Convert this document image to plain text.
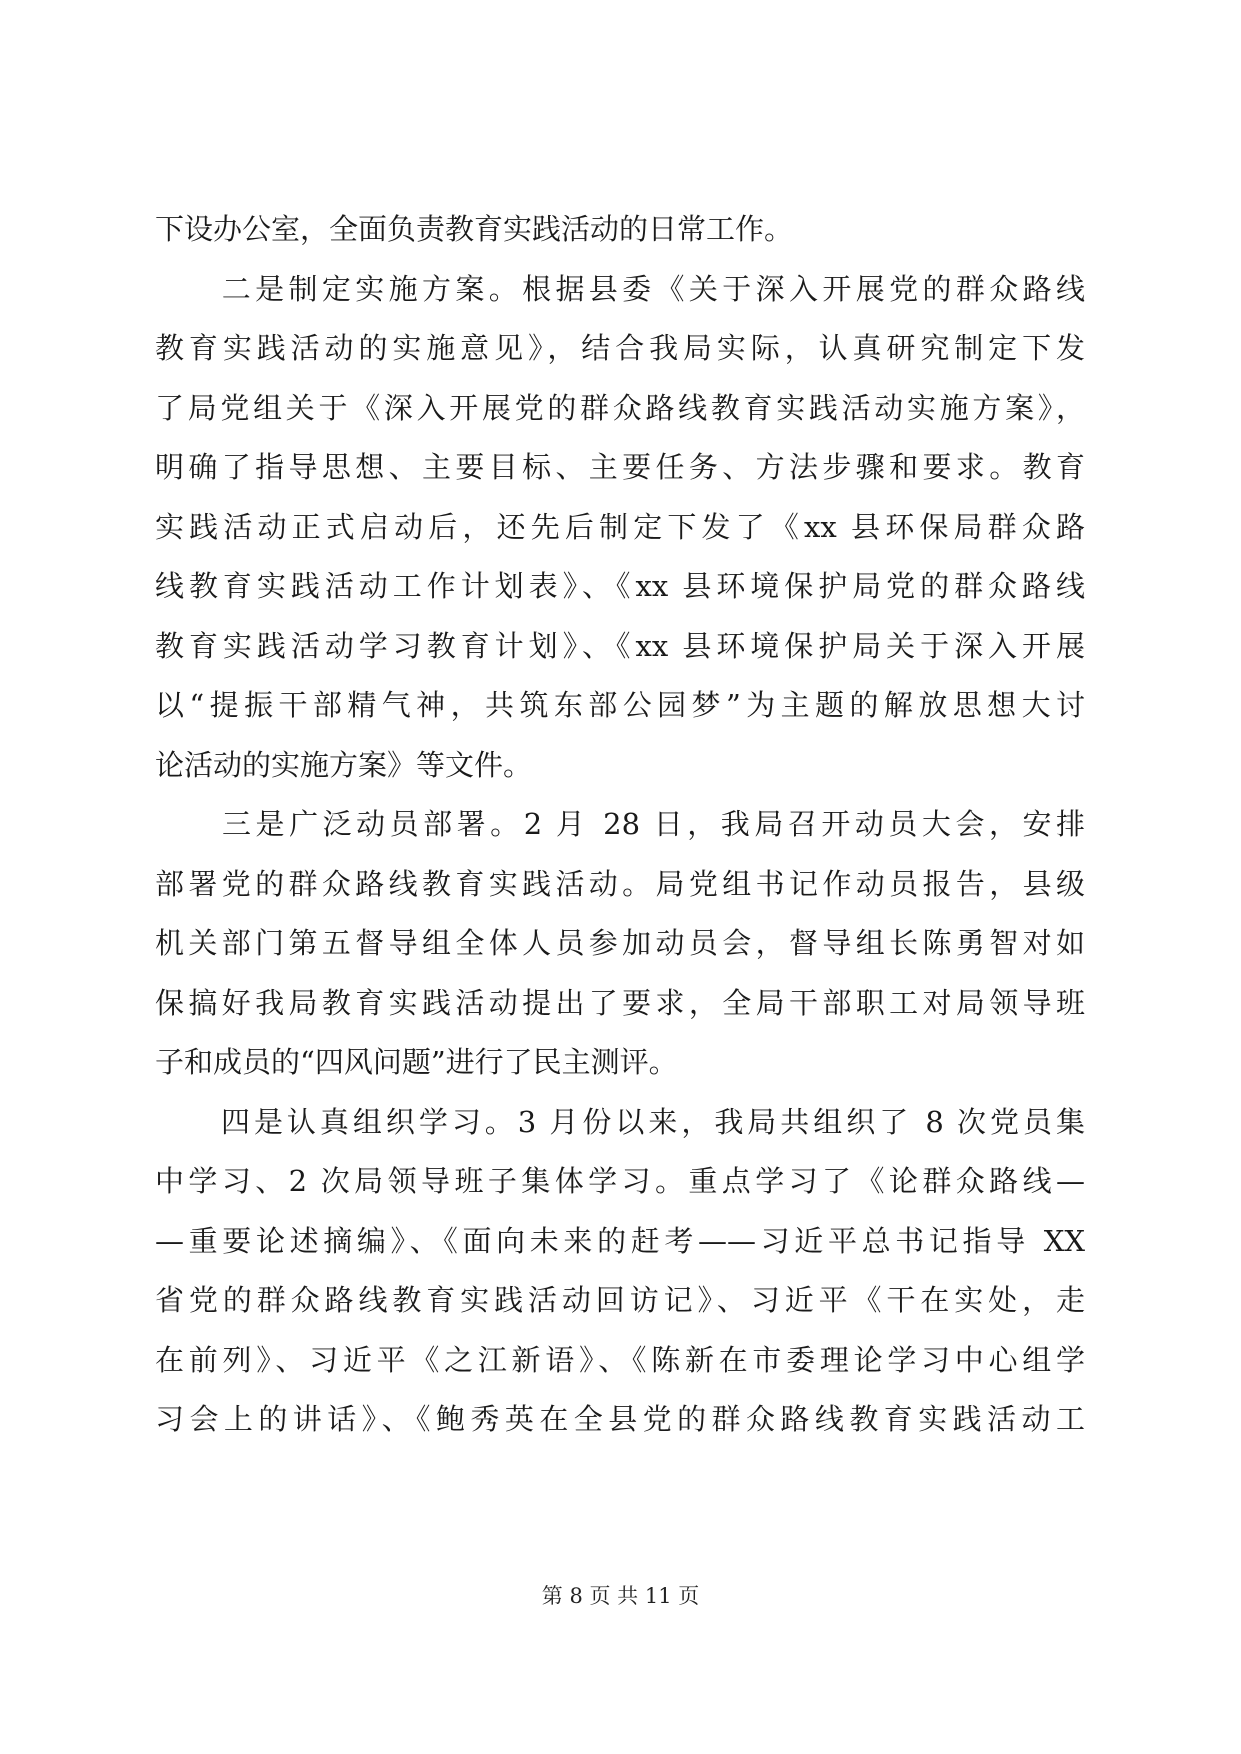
下设办公室，全面负责教育实践活动的日常工作。
　　二是制定实施方案。根据县委《关于深入开展党的群众路线
教育实践活动的实施意见》，结合我局实际，认真研究制定下发
了局党组关于《深入开展党的群众路线教育实践活动实施方案》，
明确了指导思想、主要目标、主要任务、方法步骤和要求。教育
实践活动正式启动后，还先后制定下发了《xx 县环保局群众路
线教育实践活动工作计划表》、《xx 县环境保护局党的群众路线
教育实践活动学习教育计划》、《xx 县环境保护局关于深入开展
以“提振干部精气神，共筑东部公园梦”为主题的解放思想大讨
论活动的实施方案》等文件。
　　三是广泛动员部署。2 月 28 日，我局召开动员大会，安排
部署党的群众路线教育实践活动。局党组书记作动员报告，县级
机关部门第五督导组全体人员参加动员会，督导组长陈勇智对如
保搞好我局教育实践活动提出了要求，全局干部职工对局领导班
子和成员的“四风问题”进行了民主测评。
　　四是认真组织学习。3 月份以来，我局共组织了 8 次党员集
中学习、2 次局领导班子集体学习。重点学习了《论群众路线—
—重要论述摘编》、《面向未来的赶考——习近平总书记指导 XX
省党的群众路线教育实践活动回访记》、习近平《干在实处，走
在前列》、习近平《之江新语》、《陈新在市委理论学习中心组学
习会上的讲话》、《鲍秀英在全县党的群众路线教育实践活动工
第 8 页 共 11 页
